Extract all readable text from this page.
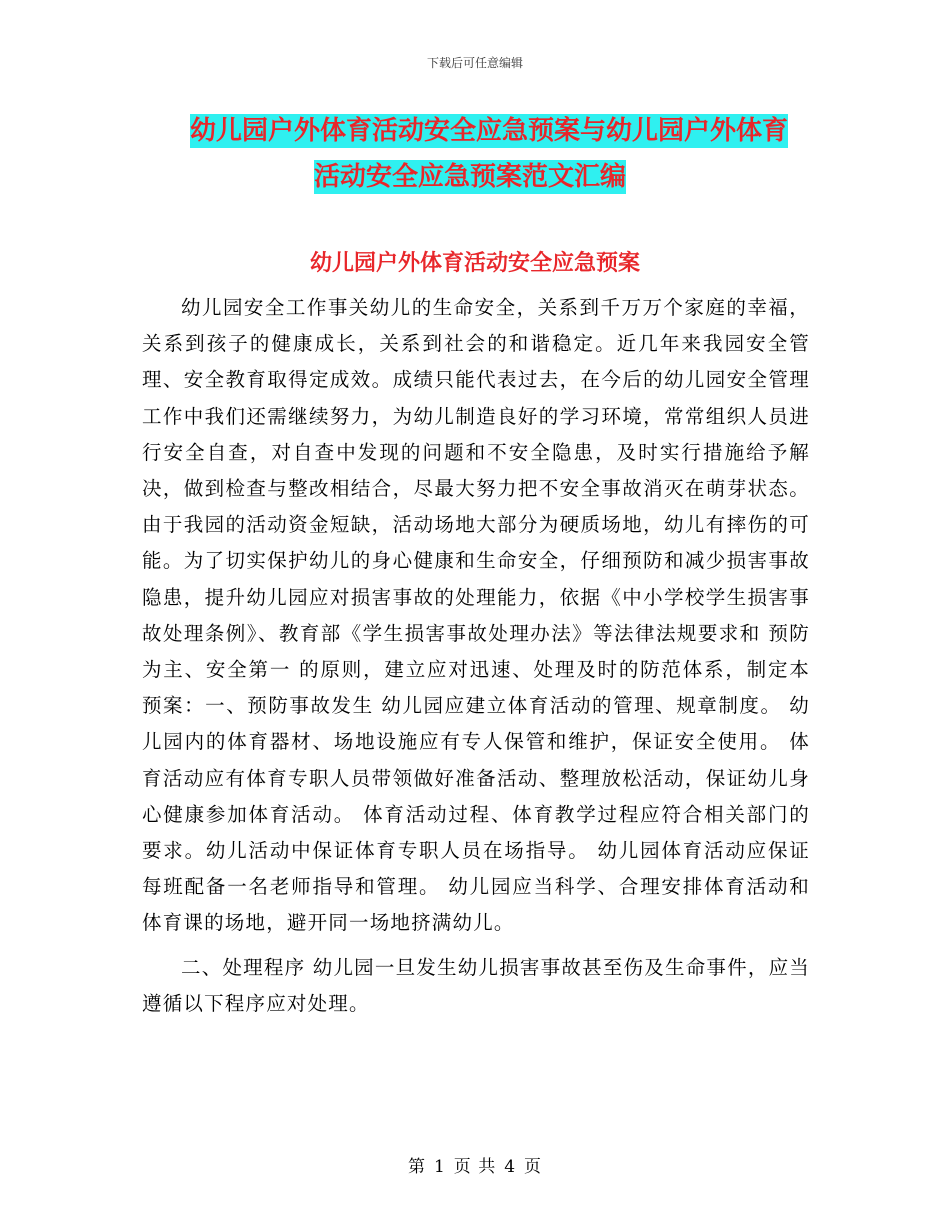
下载后可任意编辑
幼儿园户外体育活动安全应急预案与幼儿园户外体育
活动安全应急预案范文汇编
幼儿园户外体育活动安全应急预案

幼儿园安全工作事关幼儿的生命安全，关系到千万万个家庭的幸福，关系到孩子的健康成长，关系到社会的和谐稳定。近几年来我园安全管理、安全教育取得定成效。成绩只能代表过去，在今后的幼儿园安全管理工作中我们还需继续努力，为幼儿制造良好的学习环境，常常组织人员进行安全自查，对自查中发现的问题和不安全隐患，及时实行措施给予解决，做到检查与整改相结合，尽最大努力把不安全事故消灭在萌芽状态。由于我园的活动资金短缺，活动场地大部分为硬质场地，幼儿有摔伤的可能。为了切实保护幼儿的身心健康和生命安全，仔细预防和减少损害事故隐患，提升幼儿园应对损害事故的处理能力，依据《中小学校学生损害事故处理条例》、教育部《学生损害事故处理办法》等法律法规要求和 预防为主、安全第一 的原则，建立应对迅速、处理及时的防范体系，制定本预案：一、预防事故发生 幼儿园应建立体育活动的管理、规章制度。 幼儿园内的体育器材、场地设施应有专人保管和维护，保证安全使用。 体育活动应有体育专职人员带领做好准备活动、整理放松活动，保证幼儿身心健康参加体育活动。 体育活动过程、体育教学过程应符合相关部门的要求。幼儿活动中保证体育专职人员在场指导。 幼儿园体育活动应保证每班配备一名老师指导和管理。 幼儿园应当科学、合理安排体育活动和体育课的场地，避开同一场地挤满幼儿。

二、处理程序 幼儿园一旦发生幼儿损害事故甚至伤及生命事件，应当遵循以下程序应对处理。

第 1 页 共 4 页
